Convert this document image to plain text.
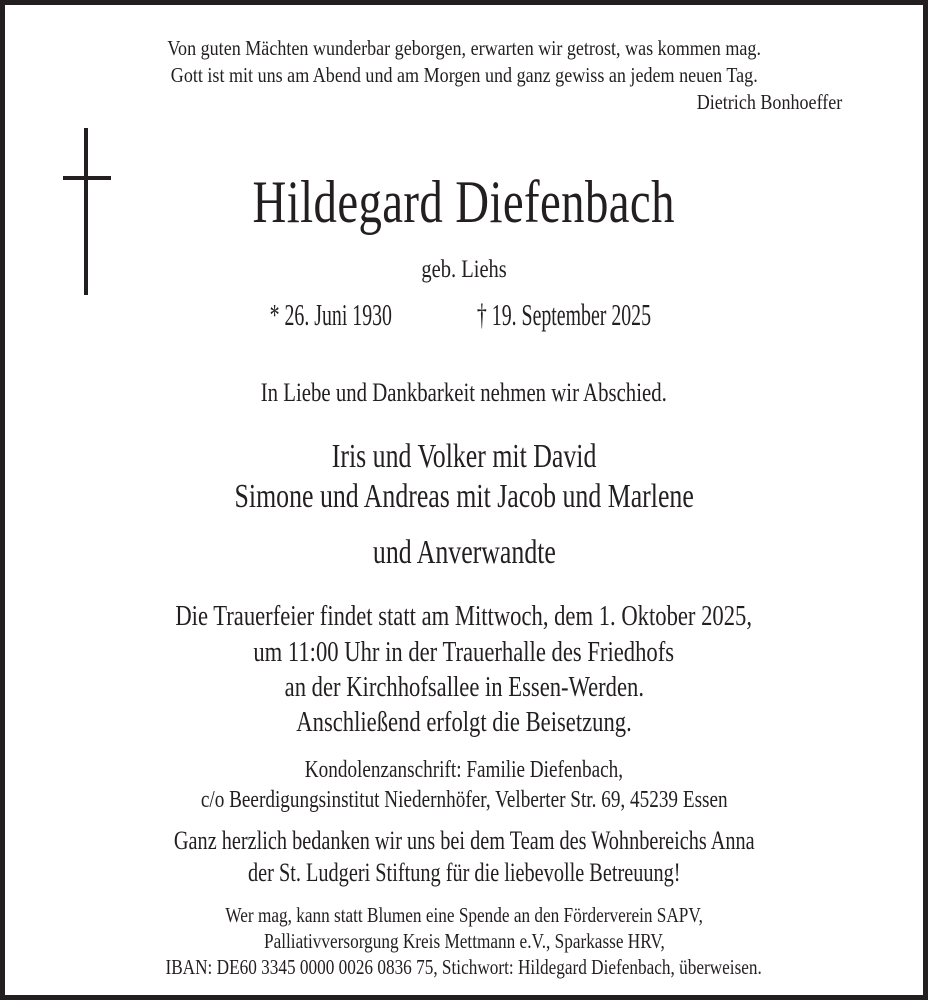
Von guten Mächten wunderbar geborgen, erwarten wir getrost, was kommen mag.
Gott ist mit uns am Abend und am Morgen und ganz gewiss an jedem neuen Tag.
Dietrich Bonhoeffer
Hildegard Diefenbach
geb. Liehs
* 26. Juni 1930	† 19. September 2025
In Liebe und Dankbarkeit nehmen wir Abschied.
Iris und Volker mit David
Simone und Andreas mit Jacob und Marlene
und Anverwandte
Die Trauerfeier findet statt am Mittwoch, dem 1. Oktober 2025,
um 11:00 Uhr in der Trauerhalle des Friedhofs
an der Kirchhofsallee in Essen-Werden.
Anschließend erfolgt die Beisetzung.
Kondolenzanschrift: Familie Diefenbach,
c/o Beerdigungsinstitut Niedernhöfer, Velberter Str. 69, 45239 Essen
Ganz herzlich bedanken wir uns bei dem Team des Wohnbereichs Anna
der St. Ludgeri Stiftung für die liebevolle Betreuung!
Wer mag, kann statt Blumen eine Spende an den Förderverein SAPV,
Palliativversorgung Kreis Mettmann e.V., Sparkasse HRV,
IBAN: DE60 3345 0000 0026 0836 75, Stichwort: Hildegard Diefenbach, überweisen.
